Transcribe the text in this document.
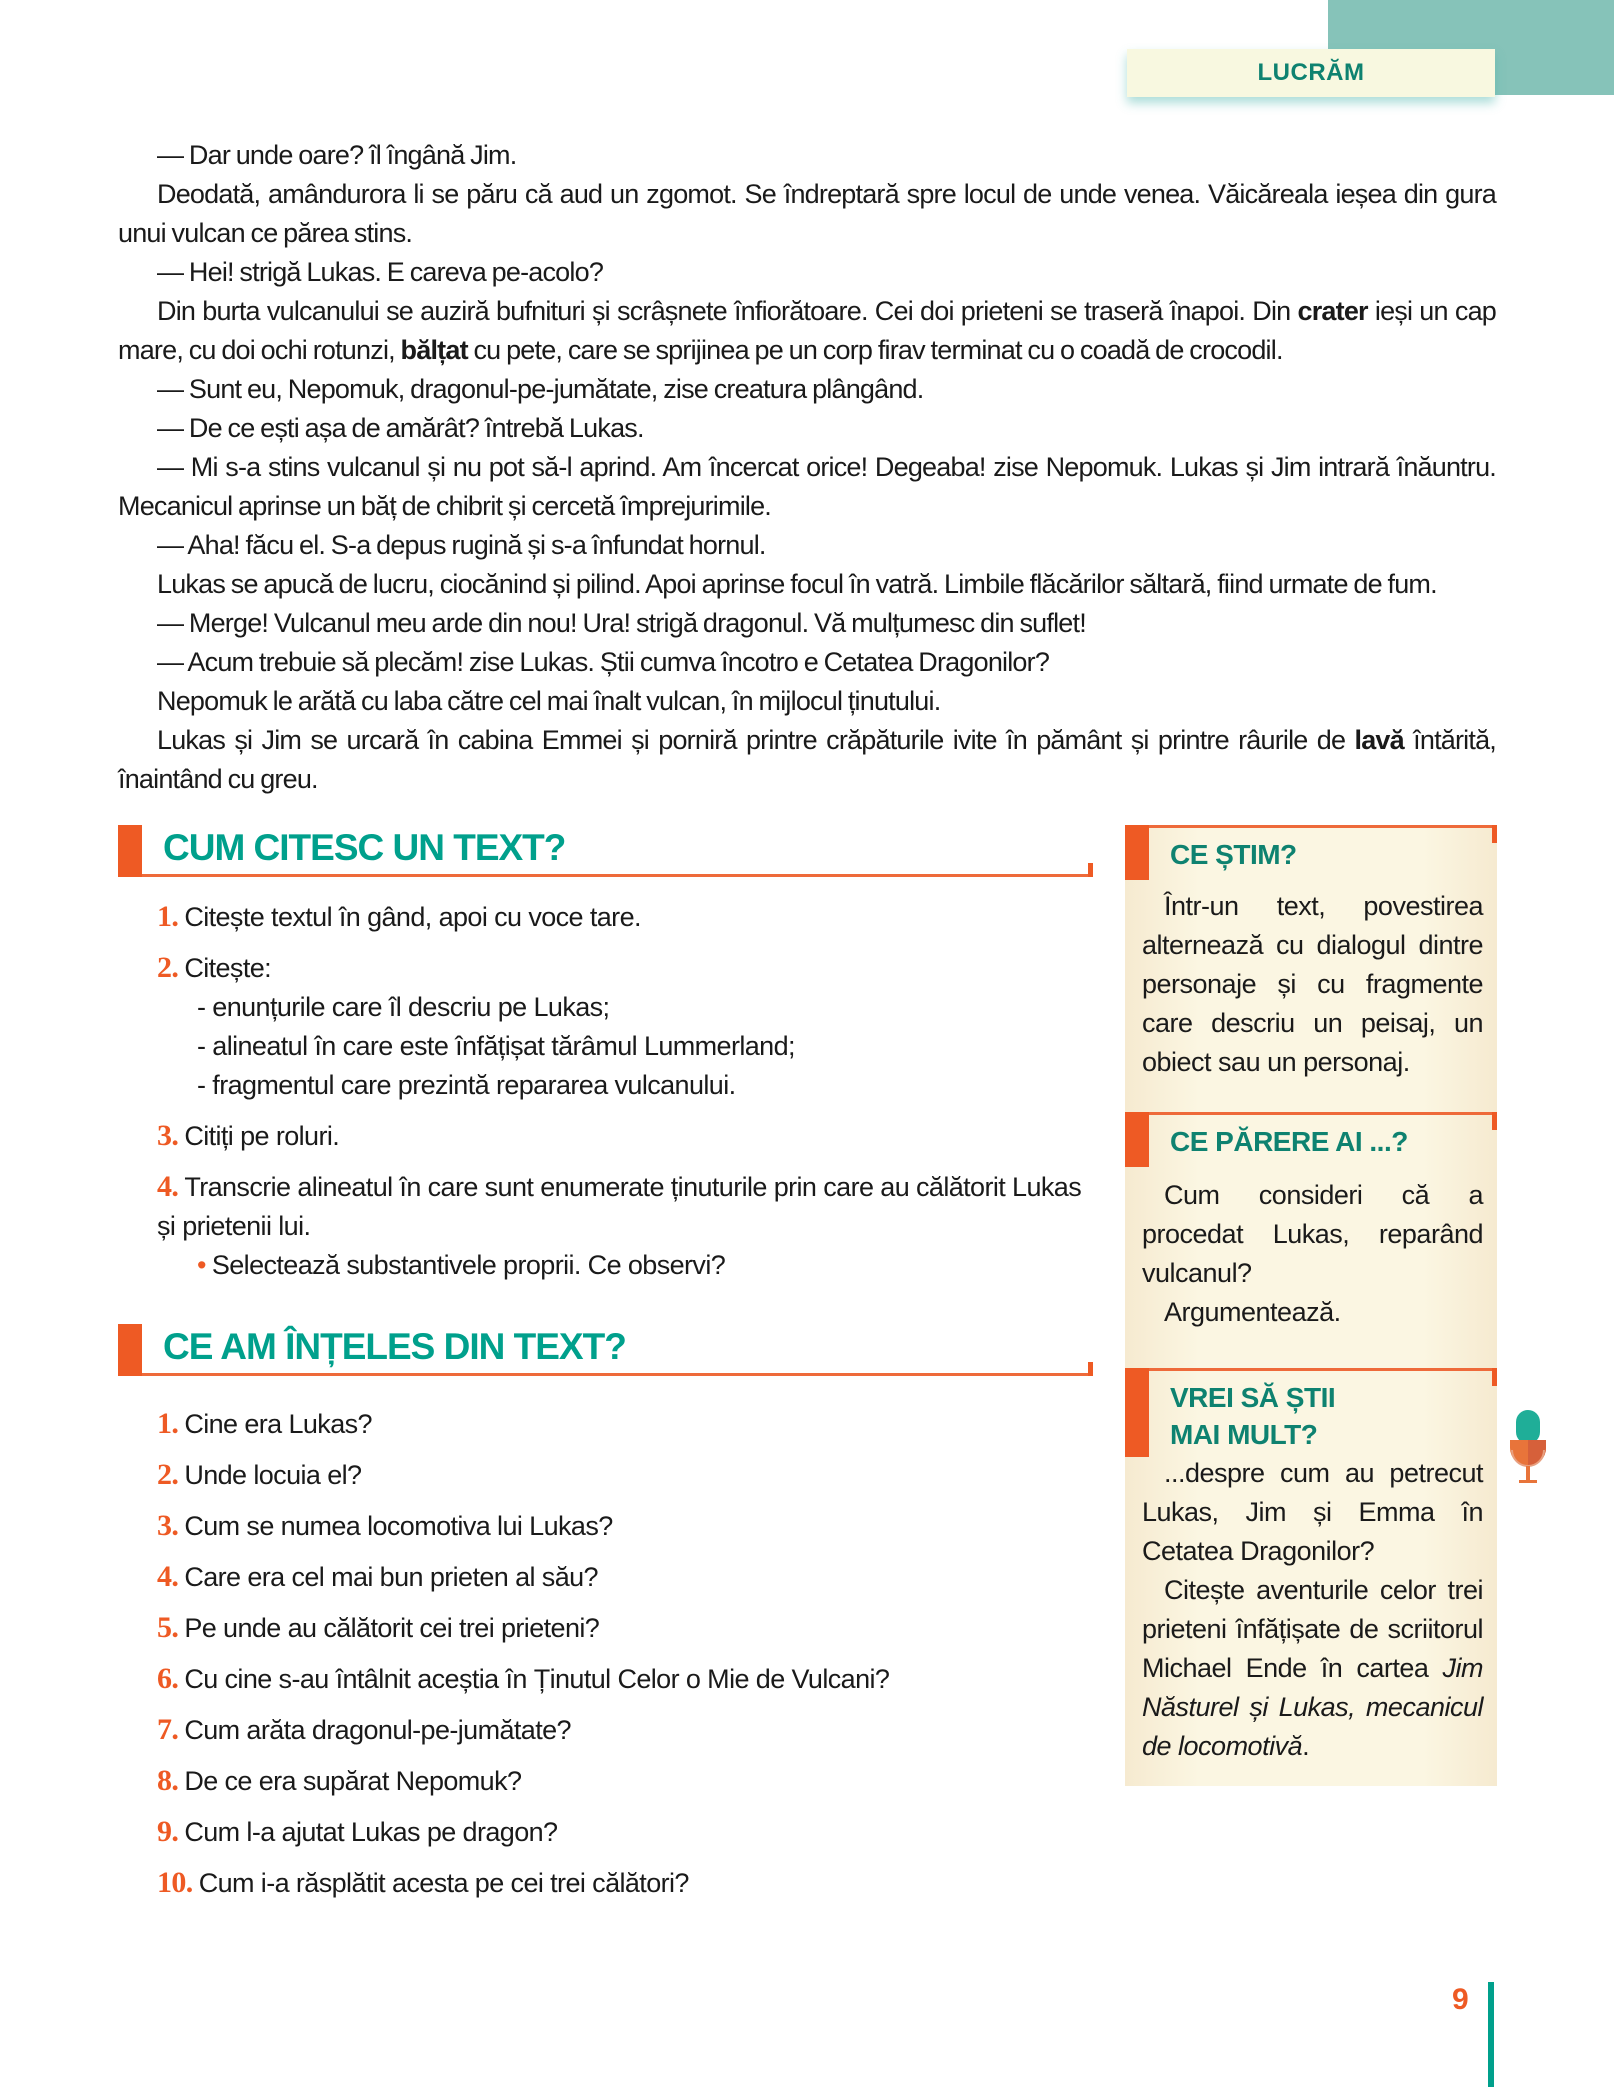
LUCRĂM

— Dar unde oare? îl îngână Jim.

Deodată, amândurora li se păru că aud un zgomot. Se îndreptară spre locul de unde venea. Văicăreala ieșea din gura unui vulcan ce părea stins.

— Hei! strigă Lukas. E careva pe-acolo?

Din burta vulcanului se auziră bufnituri și scrâșnete înfiorătoare. Cei doi prieteni se traseră înapoi. Din crater ieși un cap mare, cu doi ochi rotunzi, bălțat cu pete, care se sprijinea pe un corp firav terminat cu o coadă de crocodil.

— Sunt eu, Nepomuk, dragonul-pe-jumătate, zise creatura plângând.

— De ce ești așa de amărât? întrebă Lukas.

— Mi s-a stins vulcanul și nu pot să-l aprind. Am încercat orice! Degeaba! zise Nepomuk. Lukas și Jim intrară înăuntru. Mecanicul aprinse un băț de chibrit și cercetă împrejurimile.

— Aha! făcu el. S-a depus rugină și s-a înfundat hornul.

Lukas se apucă de lucru, ciocănind și pilind. Apoi aprinse focul în vatră. Limbile flăcărilor săltară, fiind urmate de fum.

— Merge! Vulcanul meu arde din nou! Ura! strigă dragonul. Vă mulțumesc din suflet!

— Acum trebuie să plecăm! zise Lukas. Știi cumva încotro e Cetatea Dragonilor?

Nepomuk le arătă cu laba către cel mai înalt vulcan, în mijlocul ținutului.

Lukas și Jim se urcară în cabina Emmei și porniră printre crăpăturile ivite în pământ și printre râurile de lavă întărită, înaintând cu greu.

CUM CITESC UN TEXT?
1. Citește textul în gând, apoi cu voce tare.
2. Citește:
- enunțurile care îl descriu pe Lukas;
- alineatul în care este înfățișat tărâmul Lummerland;
- fragmentul care prezintă repararea vulcanului.
3. Citiți pe roluri.
4. Transcrie alineatul în care sunt enumerate ținuturile prin care au călătorit Lukas și prietenii lui.
• Selectează substantivele proprii. Ce observi?
CE AM ÎNȚELES DIN TEXT?
1. Cine era Lukas?
2. Unde locuia el?
3. Cum se numea locomotiva lui Lukas?
4. Care era cel mai bun prieten al său?
5. Pe unde au călătorit cei trei prieteni?
6. Cu cine s-au întâlnit aceștia în Ținutul Celor o Mie de Vulcani?
7. Cum arăta dragonul-pe-jumătate?
8. De ce era supărat Nepomuk?
9. Cum l-a ajutat Lukas pe dragon?
10. Cum i-a răsplătit acesta pe cei trei călători?
CE ȘTIM?

Într-un text, povestirea alternează cu dialogul dintre personaje și cu fragmente care descriu un peisaj, un obiect sau un personaj.

CE PĂRERE AI ...?

Cum consideri că a procedat Lukas, reparând vulcanul?

Argumentează.

VREI SĂ ȘTII
MAI MULT?

...despre cum au petrecut Lukas, Jim și Emma în Cetatea Dragonilor?

Citește aventurile celor trei prieteni înfățișate de scriitorul Michael Ende în cartea Jim Năsturel și Lukas, mecanicul de locomotivă.

9
